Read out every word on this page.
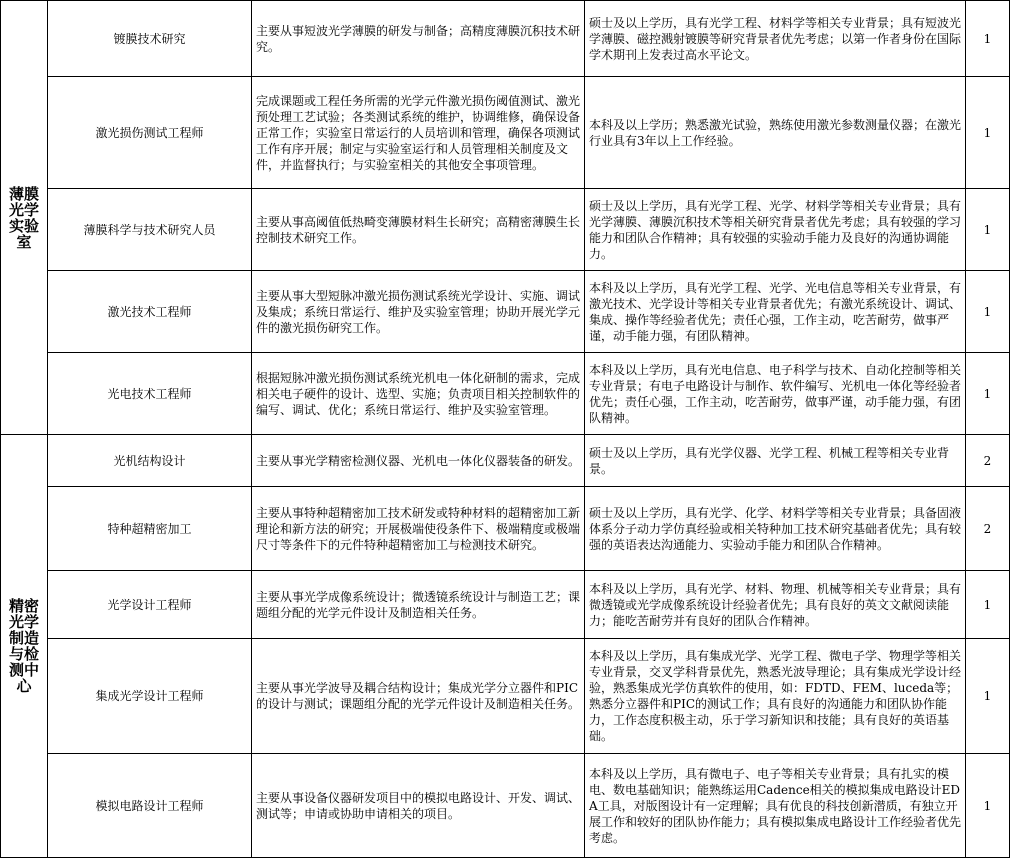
薄膜光学实验室	镀膜技术研究	主要从事短波光学薄膜的研发与制备；高精度薄膜沉积技术研究。	硕士及以上学历，具有光学工程、材料学等相关专业背景；具有短波光学薄膜、磁控溅射镀膜等研究背景者优先考虑；以第一作者身份在国际学术期刊上发表过高水平论文。	1
	激光损伤测试工程师	完成课题或工程任务所需的光学元件激光损伤阈值测试、激光预处理工艺试验；各类测试系统的维护，协调维修，确保设备正常工作；实验室日常运行的人员培训和管理，确保各项测试工作有序开展；制定与实验室运行和人员管理相关制度及文件，并监督执行；与实验室相关的其他安全事项管理。	本科及以上学历；熟悉激光试验，熟练使用激光参数测量仪器；在激光行业具有3年以上工作经验。	1
	薄膜科学与技术研究人员	主要从事高阈值低热畸变薄膜材料生长研究；高精密薄膜生长控制技术研究工作。	硕士及以上学历，具有光学工程、光学、材料学等相关专业背景；具有光学薄膜、薄膜沉积技术等相关研究背景者优先考虑；具有较强的学习能力和团队合作精神；具有较强的实验动手能力及良好的沟通协调能力。	1
	激光技术工程师	主要从事大型短脉冲激光损伤测试系统光学设计、实施、调试及集成；系统日常运行、维护及实验室管理；协助开展光学元件的激光损伤研究工作。	本科及以上学历，具有光学工程、光学、光电信息等相关专业背景，有激光技术、光学设计等相关专业背景者优先；有激光系统设计、调试、集成、操作等经验者优先；责任心强，工作主动，吃苦耐劳，做事严谨，动手能力强，有团队精神。	1
	光电技术工程师	根据短脉冲激光损伤测试系统光机电一体化研制的需求，完成相关电子硬件的设计、选型、实施；负责项目相关控制软件的编写、调试、优化；系统日常运行、维护及实验室管理。	本科及以上学历，具有光电信息、电子科学与技术、自动化控制等相关专业背景；有电子电路设计与制作、软件编写、光机电一体化等经验者优先；责任心强，工作主动，吃苦耐劳，做事严谨，动手能力强，有团队精神。	1
精密光学制造与检测中心	光机结构设计	主要从事光学精密检测仪器、光机电一体化仪器装备的研发。	硕士及以上学历，具有光学仪器、光学工程、机械工程等相关专业背景。	2
	特种超精密加工	主要从事特种超精密加工技术研发或特种材料的超精密加工新理论和新方法的研究；开展极端使役条件下、极端精度或极端尺寸等条件下的元件特种超精密加工与检测技术研究。	硕士及以上学历，具有光学、化学、材料学等相关专业背景；具备固液体系分子动力学仿真经验或相关特种加工技术研究基础者优先；具有较强的英语表达沟通能力、实验动手能力和团队合作精神。	2
	光学设计工程师	主要从事光学成像系统设计；微透镜系统设计与制造工艺；课题组分配的光学元件设计及制造相关任务。	本科及以上学历，具有光学、材料、物理、机械等相关专业背景；具有微透镜或光学成像系统设计经验者优先；具有良好的英文文献阅读能力；能吃苦耐劳并有良好的团队合作精神。	1
	集成光学设计工程师	主要从事光学波导及耦合结构设计；集成光学分立器件和PIC的设计与测试；课题组分配的光学元件设计及制造相关任务。	本科及以上学历，具有集成光学、光学工程、微电子学、物理学等相关专业背景，交叉学科背景优先，熟悉光波导理论；具有集成光学设计经验，熟悉集成光学仿真软件的使用，如：FDTD、FEM、luceda等；熟悉分立器件和PIC的测试工作；具有良好的沟通能力和团队协作能力，工作态度积极主动，乐于学习新知识和技能；具有良好的英语基础。	1
	模拟电路设计工程师	主要从事设备仪器研发项目中的模拟电路设计、开发、调试、测试等；申请或协助申请相关的项目。	本科及以上学历，具有微电子、电子等相关专业背景；具有扎实的模电、数电基础知识；能熟练运用Cadence相关的模拟集成电路设计EDA工具，对版图设计有一定理解；具有优良的科技创新潜质，有独立开展工作和较好的团队协作能力；具有模拟集成电路设计工作经验者优先考虑。	1
